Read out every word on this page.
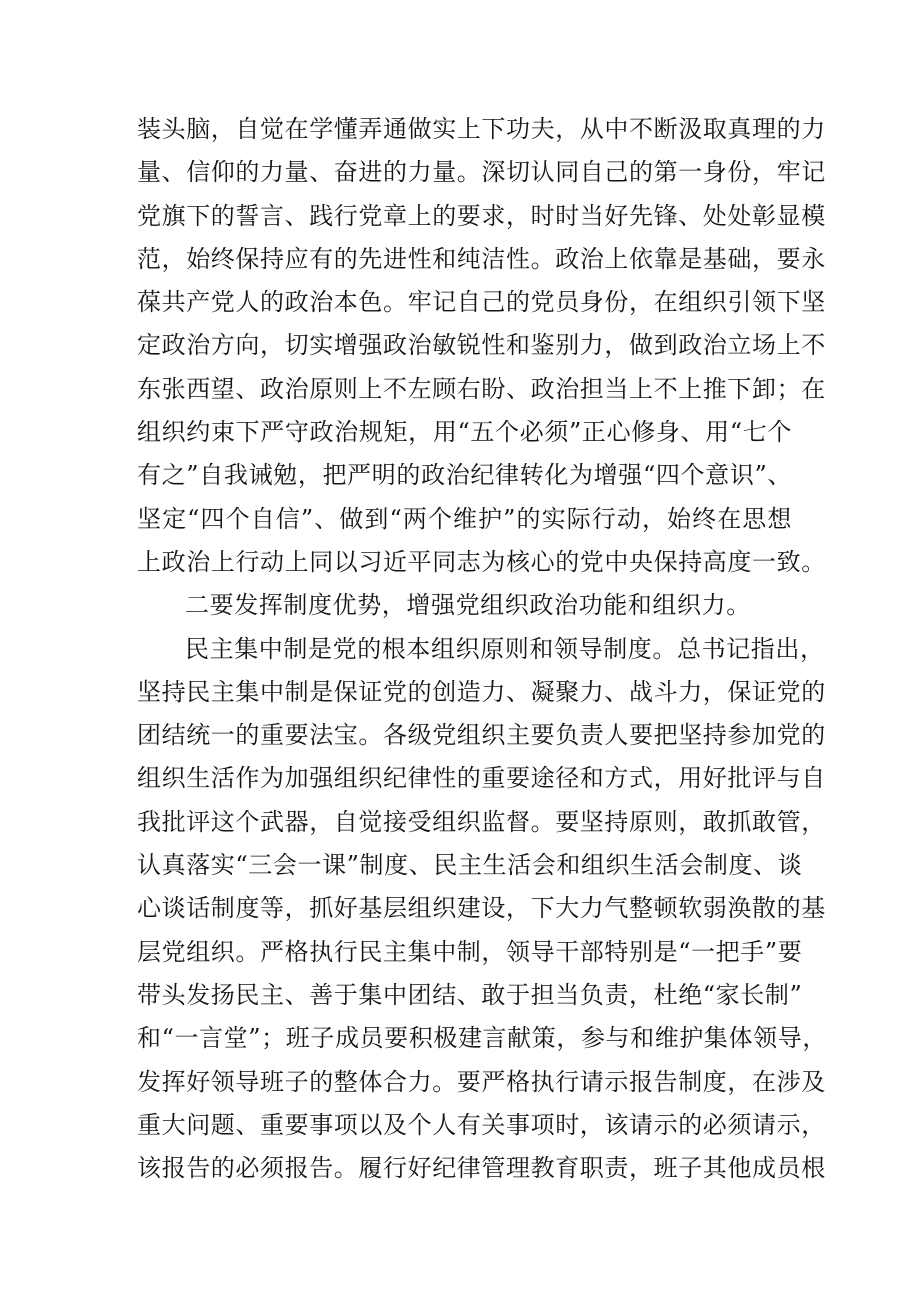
装头脑，自觉在学懂弄通做实上下功夫，从中不断汲取真理的力
量、信仰的力量、奋进的力量。深切认同自己的第一身份，牢记
党旗下的誓言、践行党章上的要求，时时当好先锋、处处彰显模
范，始终保持应有的先进性和纯洁性。政治上依靠是基础，要永
葆共产党人的政治本色。牢记自己的党员身份，在组织引领下坚
定政治方向，切实增强政治敏锐性和鉴别力，做到政治立场上不
东张西望、政治原则上不左顾右盼、政治担当上不上推下卸；在
组织约束下严守政治规矩，用“五个必须”正心修身、用“七个
有之”自我诫勉，把严明的政治纪律转化为增强“四个意识”、
坚定“四个自信”、做到“两个维护”的实际行动，始终在思想
上政治上行动上同以习近平同志为核心的党中央保持高度一致。
二要发挥制度优势，增强党组织政治功能和组织力。
民主集中制是党的根本组织原则和领导制度。总书记指出，
坚持民主集中制是保证党的创造力、凝聚力、战斗力，保证党的
团结统一的重要法宝。各级党组织主要负责人要把坚持参加党的
组织生活作为加强组织纪律性的重要途径和方式，用好批评与自
我批评这个武器，自觉接受组织监督。要坚持原则，敢抓敢管，
认真落实“三会一课”制度、民主生活会和组织生活会制度、谈
心谈话制度等，抓好基层组织建设，下大力气整顿软弱涣散的基
层党组织。严格执行民主集中制，领导干部特别是“一把手”要
带头发扬民主、善于集中团结、敢于担当负责，杜绝“家长制”
和“一言堂”；班子成员要积极建言献策，参与和维护集体领导，
发挥好领导班子的整体合力。要严格执行请示报告制度，在涉及
重大问题、重要事项以及个人有关事项时，该请示的必须请示，
该报告的必须报告。履行好纪律管理教育职责，班子其他成员根
